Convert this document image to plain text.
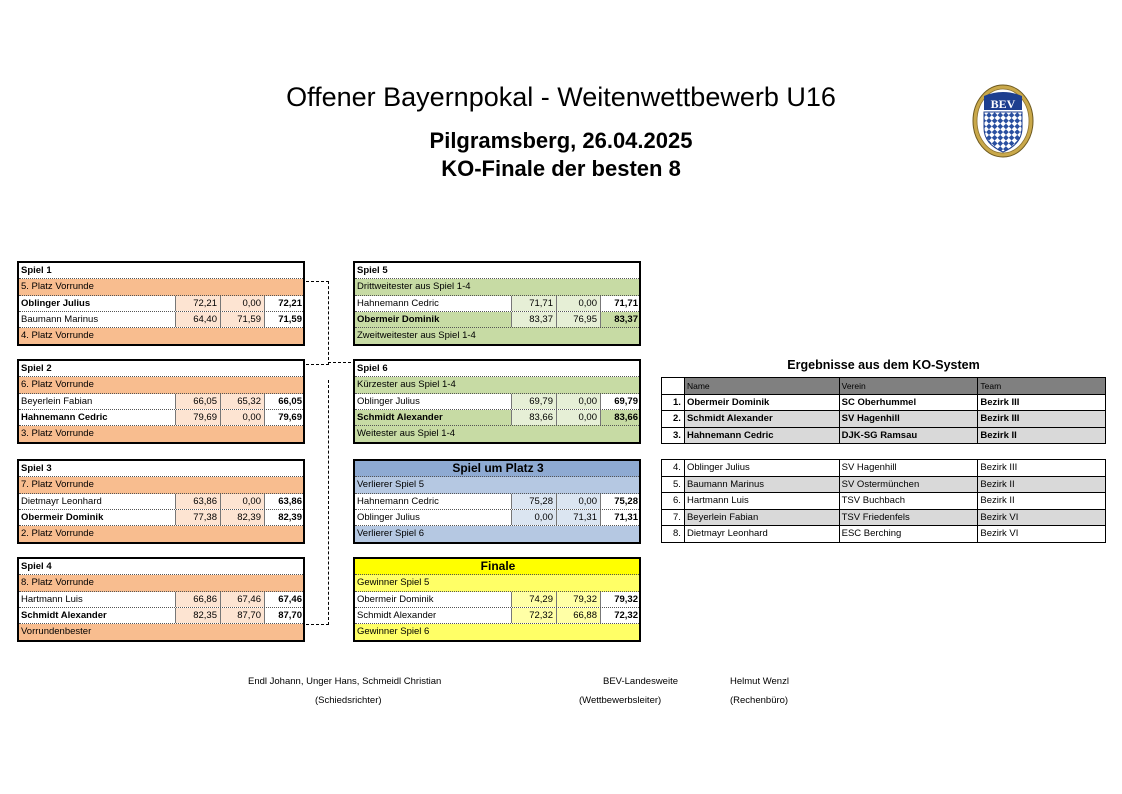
Offener Bayernpokal - Weitenwettbewerb U16
Pilgramsberg, 26.04.2025
KO-Finale der besten 8
BEV
Spiel 1
5. Platz Vorrunde
Oblinger Julius	72,21	0,00	72,21
Baumann Marinus	64,40	71,59	71,59
4. Platz Vorrunde
Spiel 2
6. Platz Vorrunde
Beyerlein Fabian	66,05	65,32	66,05
Hahnemann Cedric	79,69	0,00	79,69
3. Platz Vorrunde
Spiel 3
7. Platz Vorrunde
Dietmayr Leonhard	63,86	0,00	63,86
Obermeir Dominik	77,38	82,39	82,39
2. Platz Vorrunde
Spiel 4
8. Platz Vorrunde
Hartmann Luis	66,86	67,46	67,46
Schmidt Alexander	82,35	87,70	87,70
Vorrundenbester
Spiel 5
Drittweitester aus Spiel 1-4
Hahnemann Cedric	71,71	0,00	71,71
Obermeir Dominik	83,37	76,95	83,37
Zweitweitester aus Spiel 1-4
Spiel 6
Kürzester aus Spiel 1-4
Oblinger Julius	69,79	0,00	69,79
Schmidt Alexander	83,66	0,00	83,66
Weitester aus Spiel 1-4
Spiel um Platz 3
Verlierer Spiel 5
Hahnemann Cedric	75,28	0,00	75,28
Oblinger Julius	0,00	71,31	71,31
Verlierer Spiel 6
Finale
Gewinner Spiel 5
Obermeir Dominik	74,29	79,32	79,32
Schmidt Alexander	72,32	66,88	72,32
Gewinner Spiel 6
Ergebnisse aus dem KO-System
	Name	Verein	Team
1.	Obermeir Dominik	SC Oberhummel	Bezirk III
2.	Schmidt Alexander	SV Hagenhill	Bezirk III
3.	Hahnemann Cedric	DJK-SG Ramsau	Bezirk II
4.	Oblinger Julius	SV Hagenhill	Bezirk III
5.	Baumann Marinus	SV Ostermünchen	Bezirk II
6.	Hartmann Luis	TSV Buchbach	Bezirk II
7.	Beyerlein Fabian	TSV Friedenfels	Bezirk VI
8.	Dietmayr Leonhard	ESC Berching	Bezirk VI
Endl Johann, Unger Hans, Schmeidl Christian
(Schiedsrichter)
BEV-Landesweite
(Wettbewerbsleiter)
Helmut Wenzl
(Rechenbüro)
